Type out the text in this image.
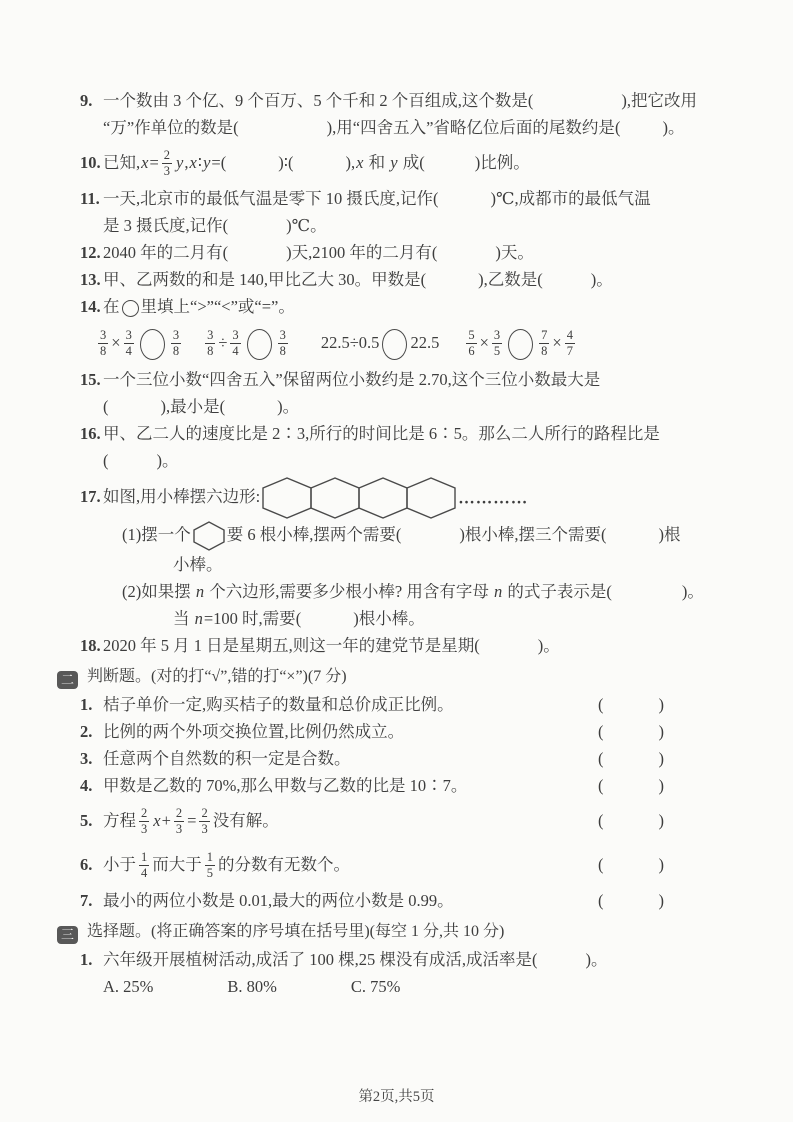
9. 一个数由 3 个亿、9 个百万、5 个千和 2 个百组成,这个数是(	),把它改用
“万”作单位的数是(	),用“四舍五入”省略亿位后面的尾数约是(	)。
10. 已知$,x= \frac{2}{3}$ y,x∶y=(	)∶(	),x 和 y 成(	)比例。
11. 一天,北京市的最低气温是零下 10 摄氏度,记作(	)℃,成都市的最低气温
是 3 摄氏度,记作(	)℃。
12. 2040 年的二月有(	)天,2100 年的二月有(	)天。
13. 甲、乙两数的和是 140,甲比乙大 30。甲数是(	),乙数是(	)。
14. 在 里填上“>”“<”或“=”。
$\frac{3}{8} \times \frac{3}{4}$	$\frac{3}{8} \frac{3}{8} \div \frac{3}{4}$	$\frac{3}{8} 22.5\div 0.5$ $22.5 \frac{5}{6} \times \frac{3}{5}$	$\frac{7}{8} \times \frac{4}{7}$
15. 一个三位小数“四舍五入”保留两位小数约是 2.70,这个三位小数最大是
(	),最小是(	)。
16. 甲、乙二人的速度比是 2∶3,所行的时间比是 6∶5。那么二人所行的路程比是
(	)。
17. 如图,用小棒摆六边形:	…………
(1)摆一个 要 6 根小棒,摆两个需要(	)根小棒,摆三个需要(	)根
小棒。
(2)如果摆 n 个六边形,需要多少根小棒? 用含有字母 n 的式子表示是(	)。
当 n=100 时,需要(	)根小棒。
18. 2020 年 5 月 1 日是星期五,则这一年的建党节是星期(	)。
二 判断题。(对的打“√”,错的打“×”)(7 分)
1. 桔子单价一定,购买桔子的数量和总价成正比例。	(	)
2. 比例的两个外项交换位置,比例仍然成立。	(	)
3. 任意两个自然数的积一定是合数。	(	)
4. 甲数是乙数的 70%,那么甲数与乙数的比是 10∶7。	(	)
5. 方程 $\frac{2}{3} x+ \frac{2}{3} = \frac{2}{3}$ 没有解。	(	)
6. 小于 $\frac{1}{4}$ 而大于 $\frac{1}{5}$ 的分数有无数个。	(	)
7. 最小的两位小数是 0.01,最大的两位小数是 0.99。	(	)
三 选择题。(将正确答案的序号填在括号里)(每空 1 分,共 10 分)
1. 六年级开展植树活动,成活了 100 棵,25 棵没有成活,成活率是(	)。
A. 25%	B. 80%	C. 75%
第2页,共5页
